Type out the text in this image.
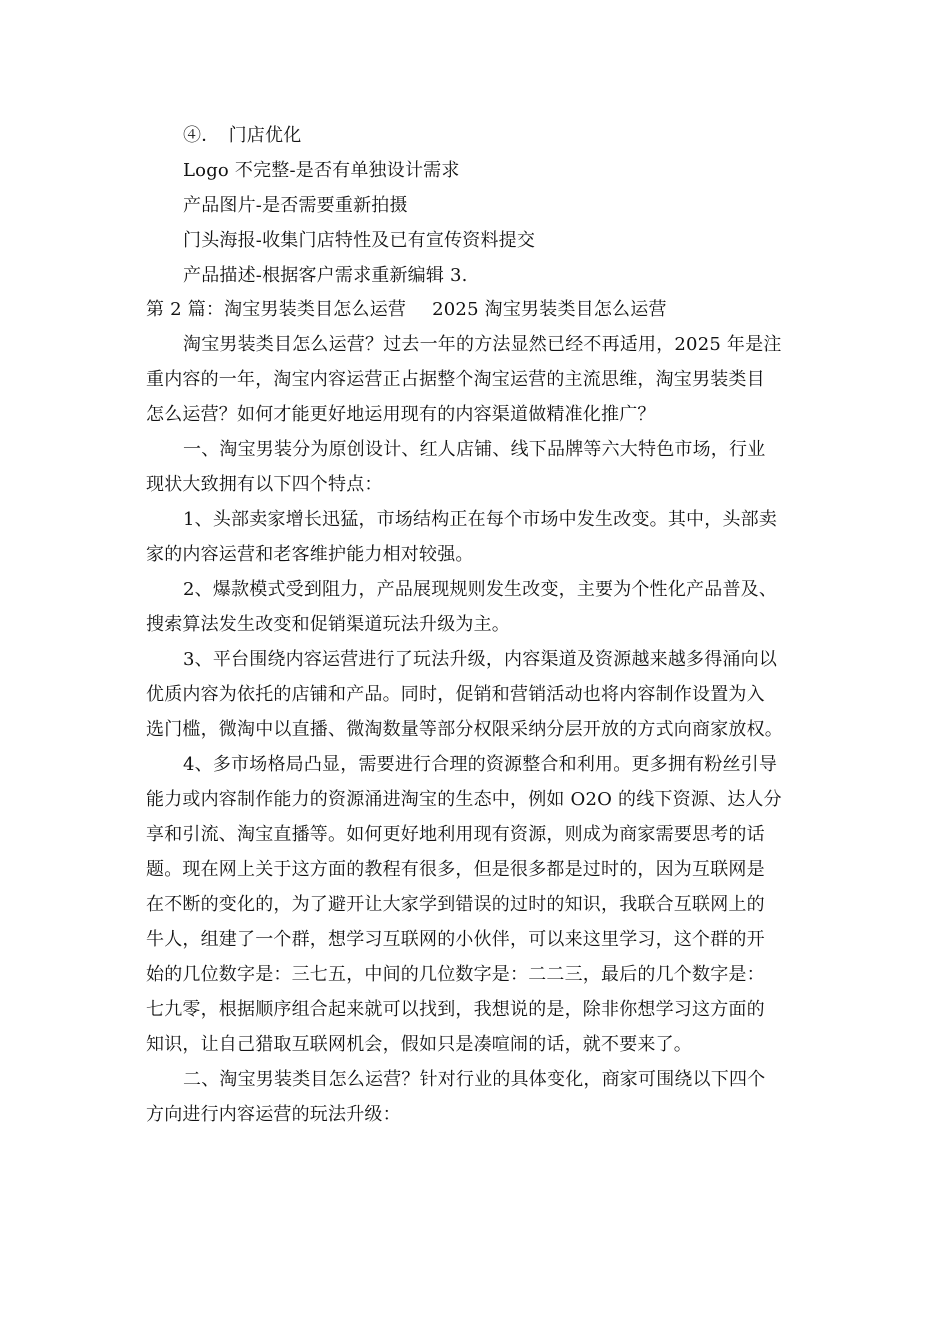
④．　门店优化
Logo 不完整-是否有单独设计需求
产品图片-是否需要重新拍摄
门头海报-收集门店特性及已有宣传资料提交
产品描述-根据客户需求重新编辑 3.
第 2 篇：淘宝男装类目怎么运营 2025 淘宝男装类目怎么运营
淘宝男装类目怎么运营？过去一年的方法显然已经不再适用，2025 年是注
重内容的一年，淘宝内容运营正占据整个淘宝运营的主流思维，淘宝男装类目
怎么运营？如何才能更好地运用现有的内容渠道做精准化推广？
一、淘宝男装分为原创设计、红人店铺、线下品牌等六大特色市场，行业
现状大致拥有以下四个特点：
1、头部卖家增长迅猛，市场结构正在每个市场中发生改变。其中，头部卖
家的内容运营和老客维护能力相对较强。
2、爆款模式受到阻力，产品展现规则发生改变，主要为个性化产品普及、
搜索算法发生改变和促销渠道玩法升级为主。
3、平台围绕内容运营进行了玩法升级，内容渠道及资源越来越多得涌向以
优质内容为依托的店铺和产品。同时，促销和营销活动也将内容制作设置为入
选门槛，微淘中以直播、微淘数量等部分权限采纳分层开放的方式向商家放权。
4、多市场格局凸显，需要进行合理的资源整合和利用。更多拥有粉丝引导
能力或内容制作能力的资源涌进淘宝的生态中，例如 O2O 的线下资源、达人分
享和引流、淘宝直播等。如何更好地利用现有资源，则成为商家需要思考的话
题。现在网上关于这方面的教程有很多，但是很多都是过时的，因为互联网是
在不断的变化的，为了避开让大家学到错误的过时的知识，我联合互联网上的
牛人，组建了一个群，想学习互联网的小伙伴，可以来这里学习，这个群的开
始的几位数字是：三七五，中间的几位数字是：二二三，最后的几个数字是：
七九零，根据顺序组合起来就可以找到，我想说的是，除非你想学习这方面的
知识，让自己猎取互联网机会，假如只是凑喧闹的话，就不要来了。
二、淘宝男装类目怎么运营？针对行业的具体变化，商家可围绕以下四个
方向进行内容运营的玩法升级：
